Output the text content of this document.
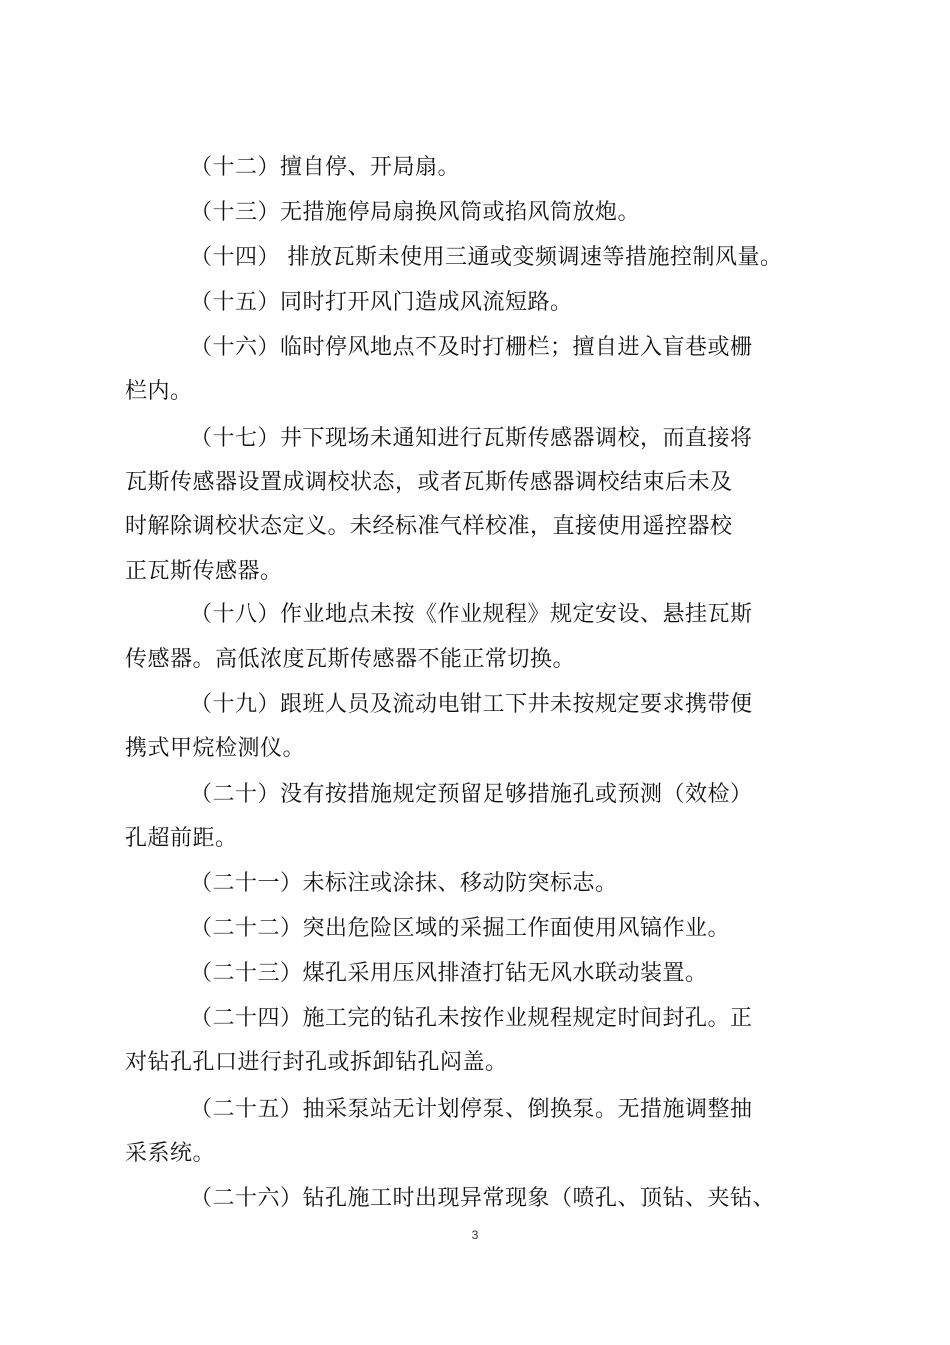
（十二）擅自停、开局扇。
（十三）无措施停局扇换风筒或掐风筒放炮。
（十四） 排放瓦斯未使用三通或变频调速等措施控制风量。
（十五）同时打开风门造成风流短路。
（十六）临时停风地点不及时打栅栏；擅自进入盲巷或栅
栏内。
（十七）井下现场未通知进行瓦斯传感器调校，而直接将
瓦斯传感器设置成调校状态，或者瓦斯传感器调校结束后未及
时解除调校状态定义。未经标准气样校准，直接使用遥控器校
正瓦斯传感器。
（十八）作业地点未按《作业规程》规定安设、悬挂瓦斯
传感器。高低浓度瓦斯传感器不能正常切换。
（十九）跟班人员及流动电钳工下井未按规定要求携带便
携式甲烷检测仪。
（二十）没有按措施规定预留足够措施孔或预测（效检）
孔超前距。
（二十一）未标注或涂抹、移动防突标志。
（二十二）突出危险区域的采掘工作面使用风镐作业。
（二十三）煤孔采用压风排渣打钻无风水联动装置。
（二十四）施工完的钻孔未按作业规程规定时间封孔。正
对钻孔孔口进行封孔或拆卸钻孔闷盖。
（二十五）抽采泵站无计划停泵、倒换泵。无措施调整抽
采系统。
（二十六）钻孔施工时出现异常现象（喷孔、顶钻、夹钻、
3
